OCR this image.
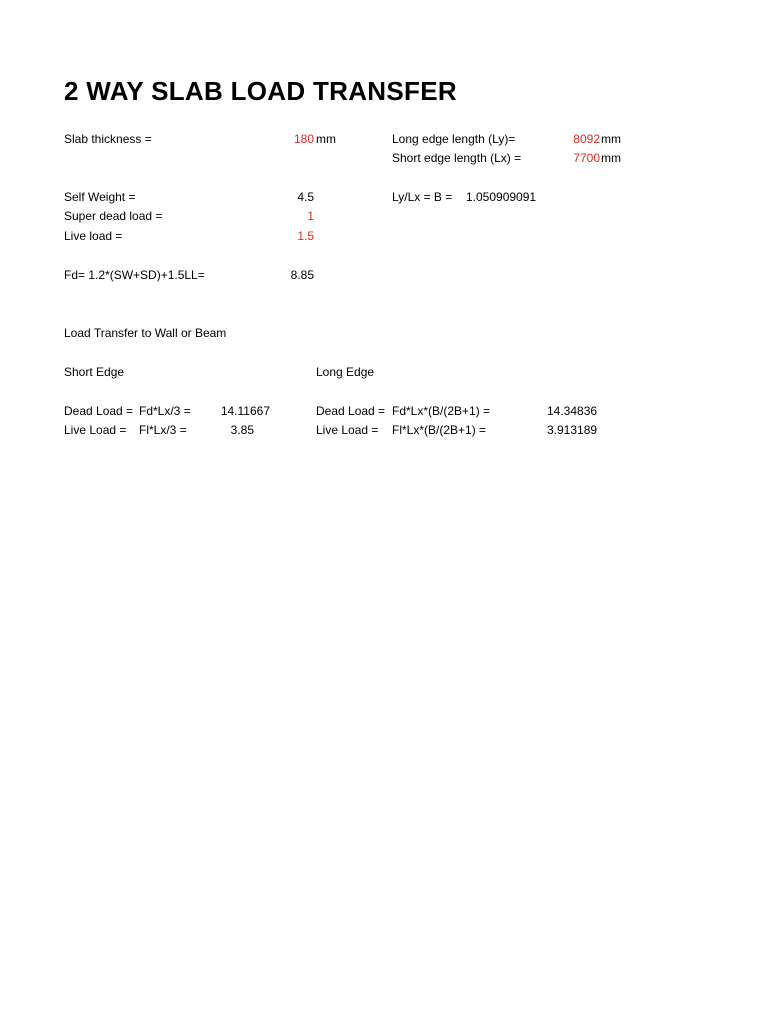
2 WAY SLAB LOAD TRANSFER
Slab thickness =	180 mm	Long edge length (Ly)=	8092 mm
Short edge length (Lx) =	7700 mm
Self Weight =	4.5	Ly/Lx = B = 1.050909091
Super dead load =	1
Live load =	1.5
Fd= 1.2*(SW+SD)+1.5LL=	8.85
Load Transfer to Wall or Beam
Short Edge	Long Edge
Dead Load = Fd*Lx/3 =	14.11667
Live Load = Fl*Lx/3 =	3.85
Dead Load = Fd*Lx*(B/(2B+1) =	14.34836
Live Load = Fl*Lx*(B/(2B+1) =	3.913189
